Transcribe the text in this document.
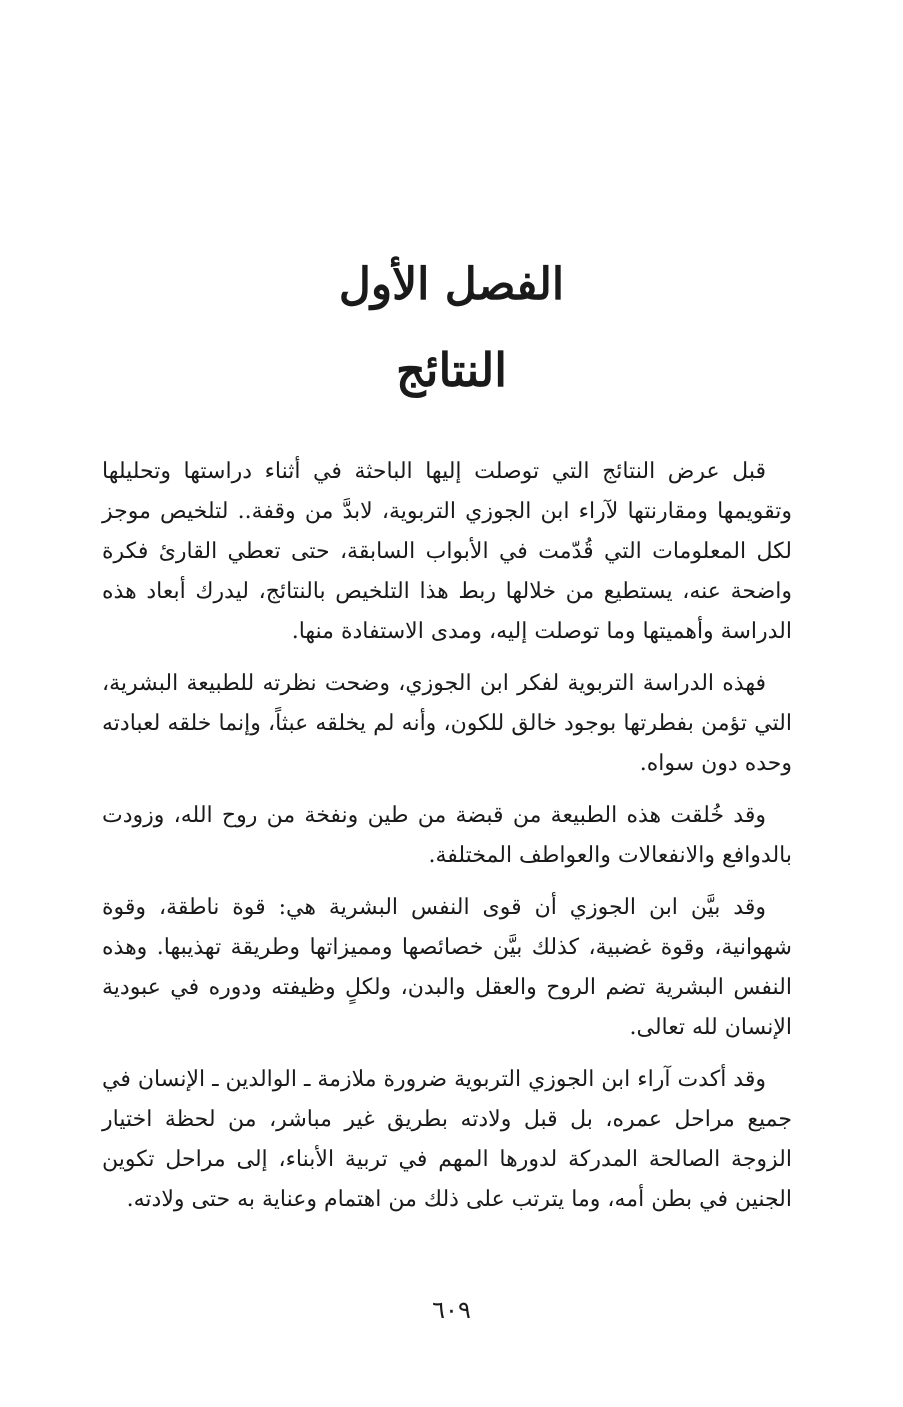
الفصل الأول
النتائج

قبل عرض النتائج التي توصلت إليها الباحثة في أثناء دراستها وتحليلها وتقويمها ومقارنتها لآراء ابن الجوزي التربوية، لابدَّ من وقفة.. لتلخيص موجز لكل المعلومات التي قُدّمت في الأبواب السابقة، حتى تعطي القارئ فكرة واضحة عنه، يستطيع من خلالها ربط هذا التلخيص بالنتائج، ليدرك أبعاد هذه الدراسة وأهميتها وما توصلت إليه، ومدى الاستفادة منها.

فهذه الدراسة التربوية لفكر ابن الجوزي، وضحت نظرته للطبيعة البشرية، التي تؤمن بفطرتها بوجود خالق للكون، وأنه لم يخلقه عبثاً، وإنما خلقه لعبادته وحده دون سواه.

وقد خُلقت هذه الطبيعة من قبضة من طين ونفخة من روح الله، وزودت بالدوافع والانفعالات والعواطف المختلفة.

وقد بيَّن ابن الجوزي أن قوى النفس البشرية هي: قوة ناطقة، وقوة شهوانية، وقوة غضبية، كذلك بيَّن خصائصها ومميزاتها وطريقة تهذيبها. وهذه النفس البشرية تضم الروح والعقل والبدن، ولكلٍ وظيفته ودوره في عبودية الإنسان لله تعالى.

وقد أكدت آراء ابن الجوزي التربوية ضرورة ملازمة ـ الوالدين ـ الإنسان في جميع مراحل عمره، بل قبل ولادته بطريق غير مباشر، من لحظة اختيار الزوجة الصالحة المدركة لدورها المهم في تربية الأبناء، إلى مراحل تكوين الجنين في بطن أمه، وما يترتب على ذلك من اهتمام وعناية به حتى ولادته.

٦٠٩
